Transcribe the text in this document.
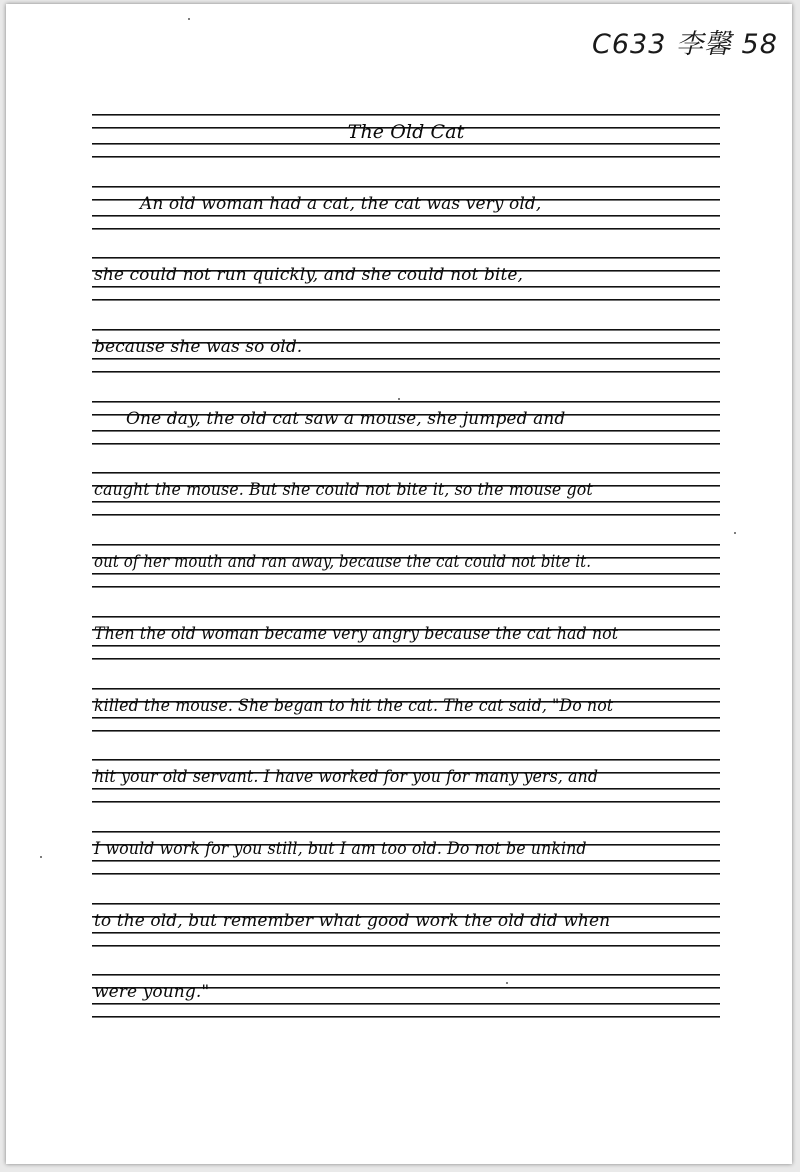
C633 李馨 58
The Old Cat
An old woman had a cat, the cat was very old,
she could not run quickly, and she could not bite,
because she was so old.
One day, the old cat saw a mouse, she jumped and
caught the mouse. But she could not bite it, so the mouse got
out of her mouth and ran away, because the cat could not bite it.
Then the old woman became very angry because the cat had not
killed the mouse. She began to hit the cat. The cat said, "Do not
hit your old servant. I have worked for you for many yers, and
I would work for you still, but I am too old. Do not be unkind
to the old, but remember what good work the old did when
were young."
